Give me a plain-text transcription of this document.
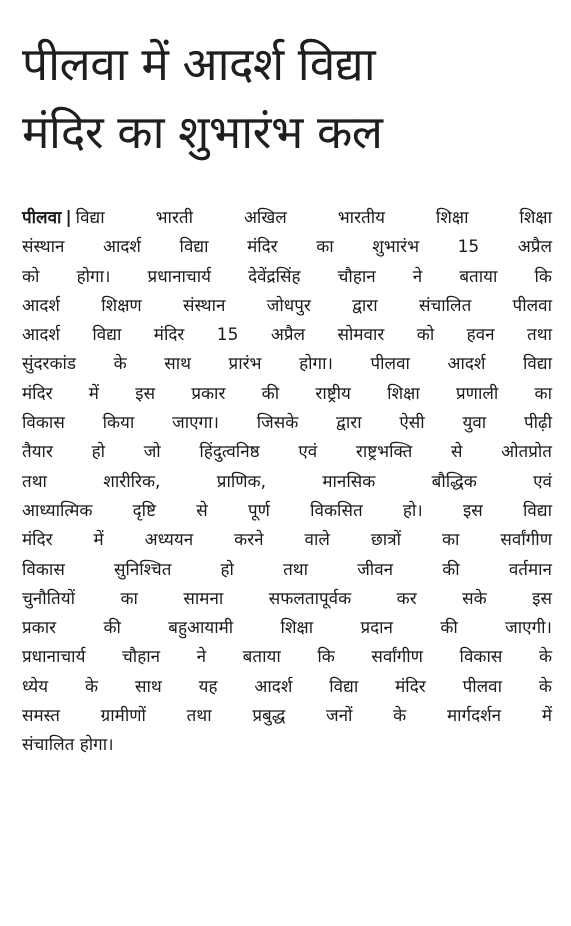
पीलवा में आदर्श विद्या
मंदिर का शुभारंभ कल
पीलवा | विद्या भारती अखिल भारतीय शिक्षा शिक्षा
संस्थान आदर्श विद्या मंदिर का शुभारंभ 15 अप्रैल
को होगा। प्रधानाचार्य देवेंद्रसिंह चौहान ने बताया कि
आदर्श शिक्षण संस्थान जोधपुर द्वारा संचालित पीलवा
आदर्श विद्या मंदिर 15 अप्रैल सोमवार को हवन तथा
सुंदरकांड के साथ प्रारंभ होगा। पीलवा आदर्श विद्या
मंदिर में इस प्रकार की राष्ट्रीय शिक्षा प्रणाली का
विकास किया जाएगा। जिसके द्वारा ऐसी युवा पीढ़ी
तैयार हो जो हिंदुत्वनिष्ठ एवं राष्ट्रभक्ति से ओतप्रोत
तथा शारीरिक, प्राणिक, मानसिक बौद्धिक एवं
आध्यात्मिक दृष्टि से पूर्ण विकसित हो। इस विद्या
मंदिर में अध्ययन करने वाले छात्रों का सर्वांगीण
विकास सुनिश्चित हो तथा जीवन की वर्तमान
चुनौतियों का सामना सफलतापूर्वक कर सके इस
प्रकार की बहुआयामी शिक्षा प्रदान की जाएगी।
प्रधानाचार्य चौहान ने बताया कि सर्वांगीण विकास के
ध्येय के साथ यह आदर्श विद्या मंदिर पीलवा के
समस्त ग्रामीणों तथा प्रबुद्ध जनों के मार्गदर्शन में
संचालित होगा।
